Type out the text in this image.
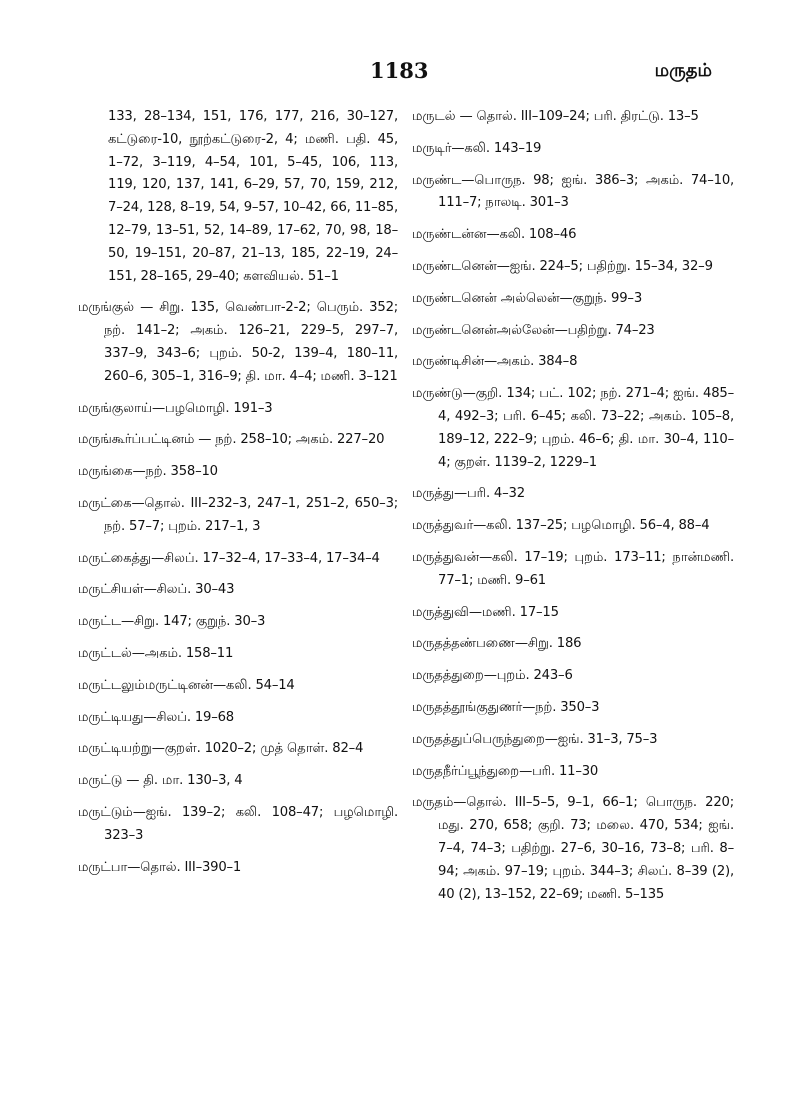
1183	மருதம்

133, 28–134, 151, 176, 177, 216, 30–127, கட்டுரை-10, நூற்கட்டுரை-2, 4; மணி. பதி. 45, 1–72, 3–119, 4–54, 101, 5–45, 106, 113, 119, 120, 137, 141, 6–29, 57, 70, 159, 212, 7–24, 128, 8–19, 54, 9–57, 10–42, 66, 11–85, 12–79, 13–51, 52, 14–89, 17–62, 70, 98, 18–50, 19–151, 20–87, 21–13, 185, 22–19, 24–151, 28–165, 29–40; களவியல். 51–1

மருங்குல் — சிறு. 135, வெண்பா-2-2; பெரும். 352; நற். 141–2; அகம். 126–21, 229–5, 297–7, 337–9, 343–6; புறம். 50-2, 139–4, 180–11, 260–6, 305–1, 316–9; தி. மா. 4–4; மணி. 3–121

மருங்குலாய்—பழமொழி. 191–3

மருங்கூர்ப்பட்டினம் — நற். 258–10; அகம். 227–20

மருங்கை—நற். 358–10

மருட்கை—தொல். III–232–3, 247–1, 251–2, 650–3; நற். 57–7; புறம். 217–1, 3

மருட்கைத்து—சிலப். 17–32–4, 17–33–4, 17–34–4

மருட்சியள்—சிலப். 30–43

மருட்ட—சிறு. 147; குறுந். 30–3

மருட்டல்—அகம். 158–11

மருட்டலும்மருட்டினன்—கலி. 54–14

மருட்டியது—சிலப். 19–68

மருட்டியற்று—குறள். 1020–2; முத் தொள். 82–4

மருட்டு — தி. மா. 130–3, 4

மருட்டும்—ஐங். 139–2; கலி. 108–47; பழமொழி. 323–3

மருட்பா—தொல். III–390–1

மருடல் — தொல். III–109–24; பரி. திரட்டு. 13–5

மருடிர்—கலி. 143–19

மருண்ட—பொருந. 98; ஐங். 386–3; அகம். 74–10, 111–7; நாலடி. 301–3

மருண்டன்ன—கலி. 108–46

மருண்டனென்—ஐங். 224–5; பதிற்று. 15–34, 32–9

மருண்டனென் அல்லென்—குறுந். 99–3

மருண்டனென்அல்லேன்—பதிற்று. 74–23

மருண்டிசின்—அகம். 384–8

மருண்டு—குறி. 134; பட். 102; நற். 271–4; ஐங். 485–4, 492–3; பரி. 6–45; கலி. 73–22; அகம். 105–8, 189–12, 222–9; புறம். 46–6; தி. மா. 30–4, 110–4; குறள். 1139–2, 1229–1

மருத்து—பரி. 4–32

மருத்துவர்—கலி. 137–25; பழமொழி. 56–4, 88–4

மருத்துவன்—கலி. 17–19; புறம். 173–11; நான்மணி. 77–1; மணி. 9–61

மருத்துவி—மணி. 17–15

மருதத்தண்பணை—சிறு. 186

மருதத்துறை—புறம். 243–6

மருதத்தூங்குதுணர்—நற். 350–3

மருதத்துப்பெருந்துறை—ஐங். 31–3, 75–3

மருதநீர்ப்பூந்துறை—பரி. 11–30

மருதம்—தொல். III–5–5, 9–1, 66–1; பொருந. 220; மது. 270, 658; குறி. 73; மலை. 470, 534; ஐங். 7–4, 74–3; பதிற்று. 27–6, 30–16, 73–8; பரி. 8–94; அகம். 97–19; புறம். 344–3; சிலப். 8–39 (2), 40 (2), 13–152, 22–69; மணி. 5–135
